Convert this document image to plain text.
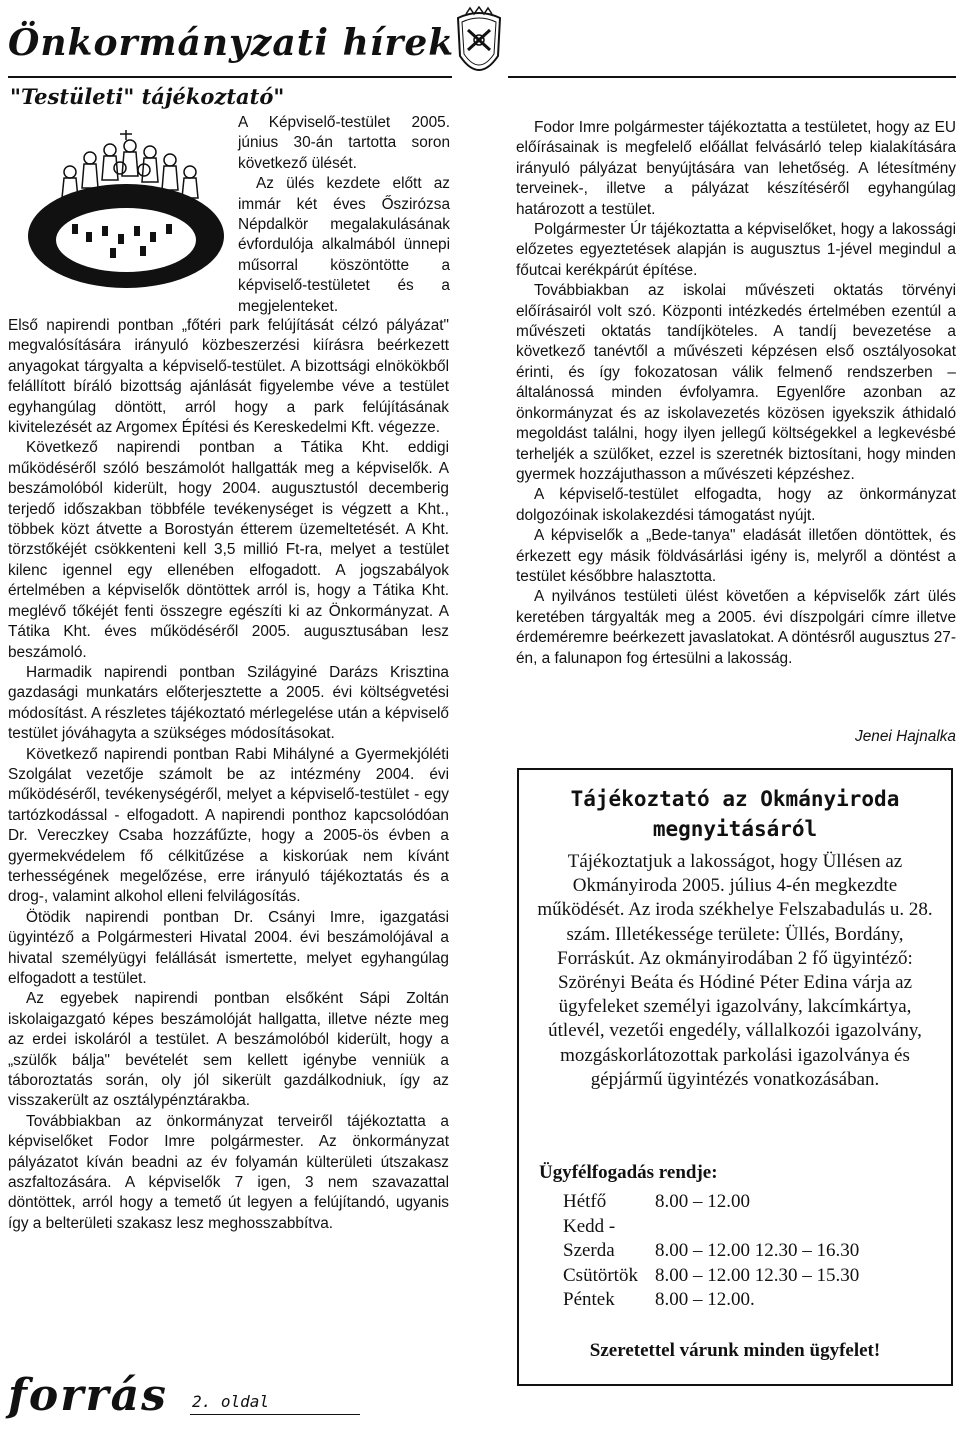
Önkormányzati hírek
"Testületi" tájékoztató"

A Képviselő-testület 2005. június 30-án tartotta soron következő ülését.

Az ülés kezdete előtt az immár két éves Őszirózsa Népdalkör megalakulásának évfordulója alkalmából ünnepi műsorral köszöntötte a képviselő-testületet és a megjelenteket.

Első napirendi pontban „főtéri park felújítását célzó pályázat" megvalósítására irányuló közbeszerzési kiírásra beérkezett anyagokat tárgyalta a képviselő-testület. A bizottsági elnökökből felállított bíráló bizottság ajánlását figyelembe véve a testület egyhangúlag döntött, arról hogy a park felújításának kivitelezését az Argomex Építési és Kereskedelmi Kft. végezze.

Következő napirendi pontban a Tátika Kht. eddigi működéséről szóló beszámolót hallgatták meg a képviselők. A beszámolóból kiderült, hogy 2004. augusztustól decemberig terjedő időszakban többféle tevékenységet is végzett a Kht., többek közt átvette a Borostyán étterem üzemeltetését. A Kht. törzstőkéjét csökkenteni kell 3,5 millió Ft-ra, melyet a testület kilenc igennel egy ellenében elfogadott. A jogszabályok értelmében a képviselők döntöttek arról is, hogy a Tátika Kht. meglévő tőkéjét fenti összegre egészíti ki az Önkormányzat. A Tátika Kht. éves működéséről 2005. augusztusában lesz beszámoló.

Harmadik napirendi pontban Szilágyiné Darázs Krisztina gazdasági munkatárs előterjesztette a 2005. évi költségvetési módosítást. A részletes tájékoztató mérlegelése után a képviselő testület jóváhagyta a szükséges módosításokat.

Következő napirendi pontban Rabi Mihályné a Gyermekjóléti Szolgálat vezetője számolt be az intézmény 2004. évi működéséről, tevékenységéről, melyet a képviselő-testület - egy tartózkodással - elfogadott. A napirendi ponthoz kapcsolódóan Dr. Vereczkey Csaba hozzáfűzte, hogy a 2005-ös évben a gyermekvédelem fő célkitűzése a kiskorúak nem kívánt terhességének megelőzése, erre irányuló tájékoztatás és a drog-, valamint alkohol elleni felvilágosítás.

Ötödik napirendi pontban Dr. Csányi Imre, igazgatási ügyintéző a Polgármesteri Hivatal 2004. évi beszámolójával a hivatal személyügyi felállását ismertette, melyet egyhangúlag elfogadott a testület.

Az egyebek napirendi pontban elsőként Sápi Zoltán iskolaigazgató képes beszámolóját hallgatta, illetve nézte meg az erdei iskoláról a testület. A beszámolóból kiderült, hogy a „szülők bálja" bevételét sem kellett igénybe venniük a táboroztatás során, oly jól sikerült gazdálkodniuk, így az visszakerült az osztálypénztárakba.

Továbbiakban az önkormányzat terveiről tájékoztatta a képviselőket Fodor Imre polgármester. Az önkormányzat pályázatot kíván beadni az év folyamán külterületi útszakasz aszfaltozására. A képviselők 7 igen, 3 nem szavazattal döntöttek, arról hogy a temető út legyen a felújítandó, ugyanis így a belterületi szakasz lesz meghosszabbítva.

Fodor Imre polgármester tájékoztatta a testületet, hogy az EU előírásainak is megfelelő előállat felvásárló telep kialakítására irányuló pályázat benyújtására van lehetőség. A létesítmény terveinek-, illetve a pályázat készítéséről egyhangúlag határozott a testület.

Polgármester Úr tájékoztatta a képviselőket, hogy a lakossági előzetes egyeztetések alapján is augusztus 1-jével megindul a főutcai kerékpárút építése.

Továbbiakban az iskolai művészeti oktatás törvényi előírásairól volt szó. Központi intézkedés értelmében ezentúl a művészeti oktatás tandíjköteles. A tandíj bevezetése a következő tanévtől a művészeti képzésen első osztályosokat érinti, és így fokozatosan válik felmenő rendszerben – általánossá minden évfolyamra. Egyenlőre azonban az önkormányzat és az iskolavezetés közösen igyekszik áthidaló megoldást találni, hogy ilyen jellegű költségekkel a legkevésbé terheljék a szülőket, ezzel is szeretnék biztosítani, hogy minden gyermek hozzájuthasson a művészeti képzéshez.

A képviselő-testület elfogadta, hogy az önkormányzat dolgozóinak iskolakezdési támogatást nyújt.

A képviselők a „Bede-tanya" eladását illetően döntöttek, és érkezett egy másik földvásárlási igény is, melyről a döntést a testület későbbre halasztotta.

A nyilvános testületi ülést követően a képviselők zárt ülés keretében tárgyalták meg a 2005. évi díszpolgári címre illetve érdeméremre beérkezett javaslatokat. A döntésről augusztus 27-én, a falunapon fog értesülni a lakosság.

Jenei Hajnalka
Tájékoztató az Okmányiroda megnyitásáról
Tájékoztatjuk a lakosságot, hogy Üllésen az Okmányiroda 2005. július 4-én megkezdte működését. Az iroda székhelye Felszabadulás u. 28. szám. Illetékessége területe: Üllés, Bordány, Forráskút. Az okmányirodában 2 fő ügyintéző: Szörényi Beáta és Hódiné Péter Edina várja az ügyfeleket személyi igazolvány, lakcímkártya, útlevél, vezetői engedély, vállalkozói igazolvány, mozgáskorlátozottak parkolási igazolványa és gépjármű ügyintézés vonatkozásában.
Ügyfélfogadás rendje:
Hétfő	8.00 – 12.00
Kedd -
Szerda	8.00 – 12.00 12.30 – 16.30
Csütörtök 8.00 – 12.00 12.30 – 15.30
Péntek	8.00 – 12.00.
Szeretettel várunk minden ügyfelet!
forrás 2. oldal
